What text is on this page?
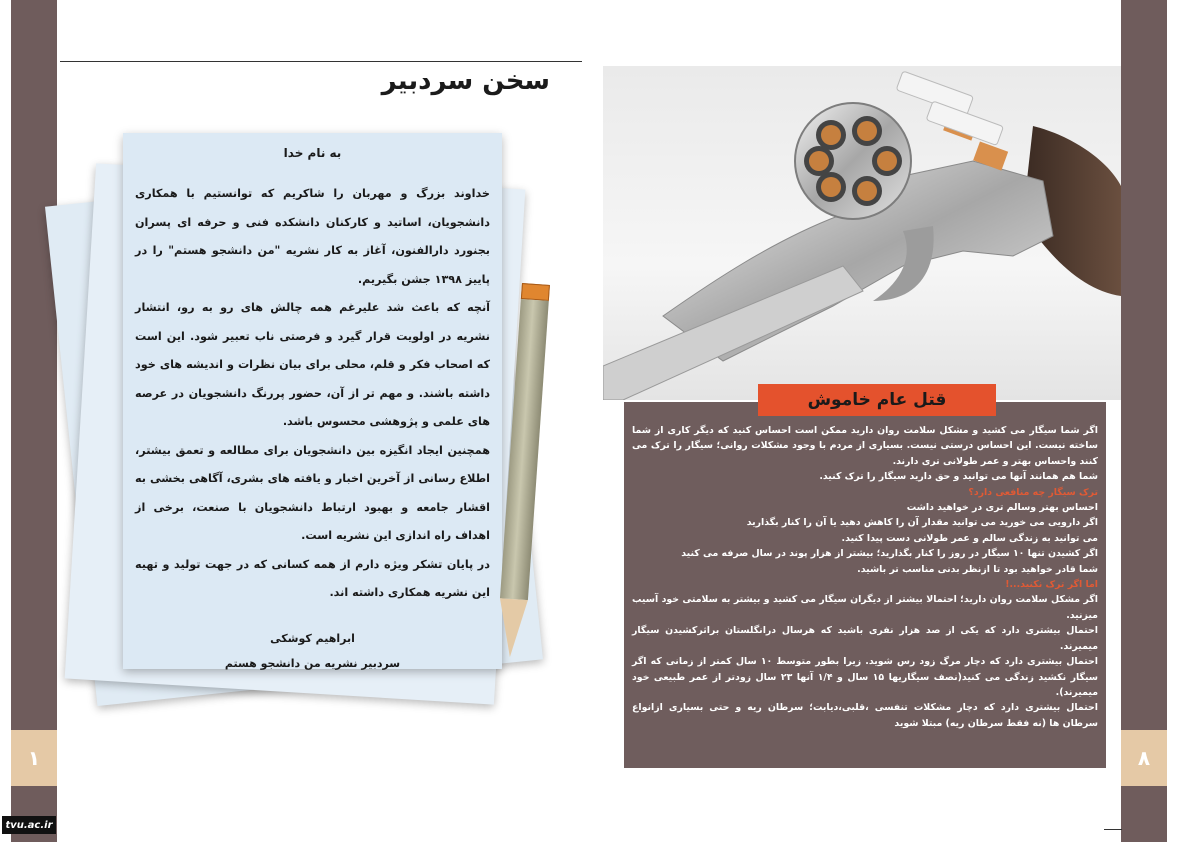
۱	۸
tvu.ac.ir
سخن سردبیر
به نام خدا

خداوند بزرگ و مهربان را شاکریم که توانستیم با همکاری دانشجویان، اساتید و کارکنان دانشکده فنی و حرفه ای پسران بجنورد دارالفنون، آغاز به کار نشریه "من دانشجو هستم" را در پاییز ۱۳۹۸ جشن بگیریم.

آنچه که باعث شد علیرغم همه چالش های رو به رو، انتشار نشریه در اولویت قرار گیرد و فرصتی ناب تعبیر شود. این است که اصحاب فکر و قلم، محلی برای بیان نظرات و اندیشه های خود داشته باشند. و مهم تر از آن، حضور پررنگ دانشجویان در عرصه های علمی و پژوهشی محسوس باشد.

همچنین ایجاد انگیزه بین دانشجویان برای مطالعه و تعمق بیشتر، اطلاع رسانی از آخرین اخبار و یافته های بشری، آگاهی بخشی به اقشار جامعه و بهبود ارتباط دانشجویان با صنعت، برخی از اهداف راه اندازی این نشریه است.

در پایان تشکر ویژه دارم از همه کسانی که در جهت تولید و تهیه این نشریه همکاری داشته اند.

ابراهیم کوشکی
سردبیر نشریه من دانشجو هستم
قتل عام خاموش

اگر شما سیگار می کشید و مشکل سلامت روان دارید ممکن است احساس کنید که دیگر کاری از شما ساخته نیست. این احساس درستی نیست. بسیاری از مردم با وجود مشکلات روانی؛ سیگار را ترک می کنند واحساس بهتر و عمر طولانی تری دارند.

شما هم همانند آنها می توانید و حق دارید سیگار را ترک کنید.

ترک سیگار چه منافعی دارد؟

احساس بهتر وسالم تری در خواهید داشت

اگر دارویی می خورید می توانید مقدار آن را کاهش دهید یا آن را کنار بگذارید

می توانید به زندگی سالم و عمر طولانی دست پیدا کنید.

اگر کشیدن تنها ۱۰ سیگار در روز را کنار بگذارید؛ بیشتر از هزار پوند در سال صرفه می کنید

شما قادر خواهید بود تا ازنظر بدنی مناسب تر باشید.

اما اگر ترک نکنید...!

اگر مشکل سلامت روان دارید؛ احتمالا بیشتر از دیگران سیگار می کشید و بیشتر به سلامتی خود آسیب میزنید.

احتمال بیشتری دارد که یکی از صد هزار نفری باشید که هرسال درانگلستان براثرکشیدن سیگار میمیرند.

احتمال بیشتری دارد که دچار مرگ زود رس شوید. زیرا بطور متوسط ۱۰ سال کمتر از زمانی که اگر سیگار نکشید زندگی می کنید(نصف سیگاریها ۱۵ سال و ۱/۴ آنها ۲۳ سال زودتر از عمر طبیعی خود میمیرند).

احتمال بیشتری دارد که دچار مشکلات تنفسی ،قلبی،دیابت؛ سرطان ریه و حتی بسیاری ازانواع سرطان ها (نه فقط سرطان ریه) مبتلا شوید
